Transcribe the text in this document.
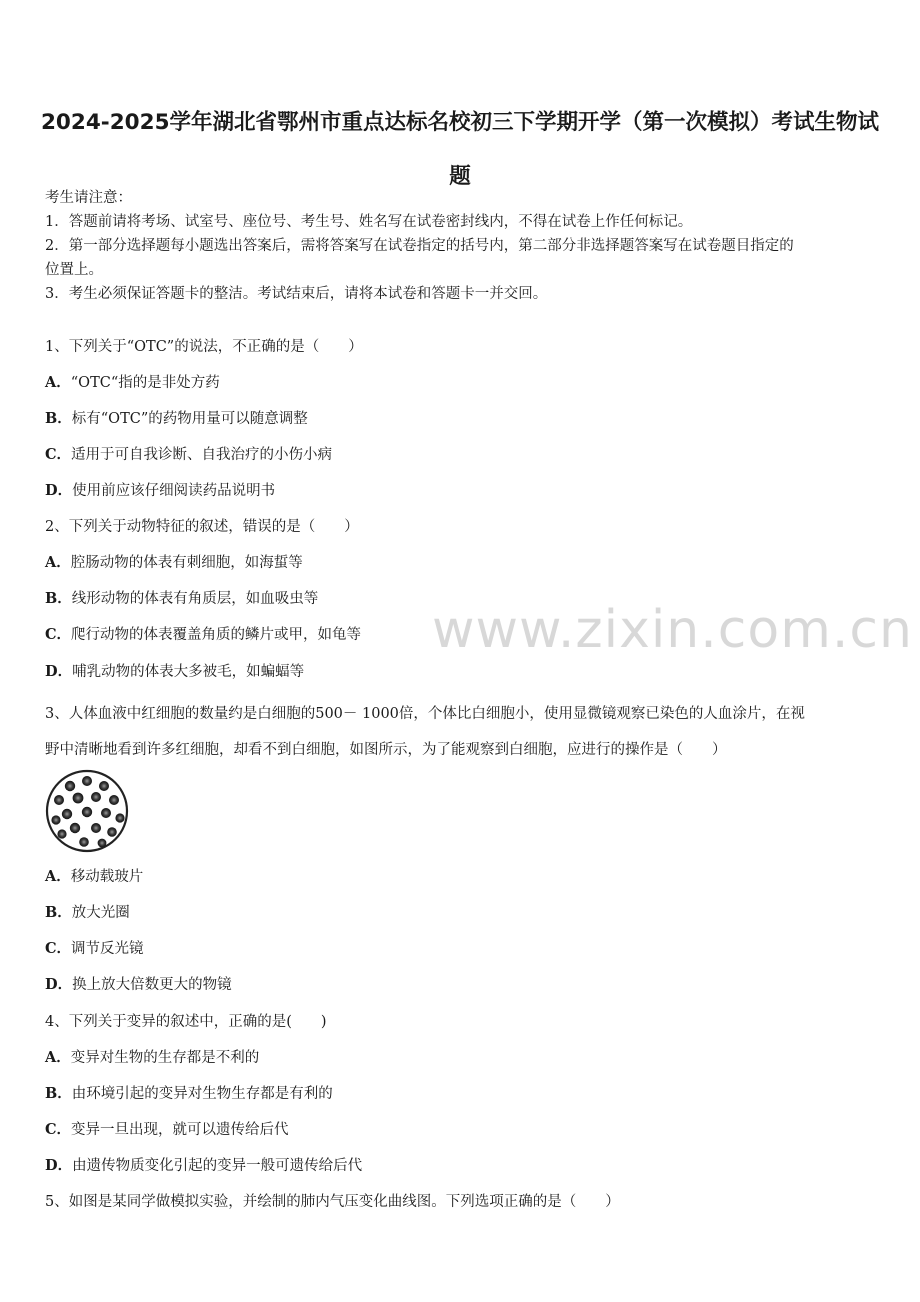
www.zixin.com.cn
2024-2025学年湖北省鄂州市重点达标名校初三下学期开学（第一次模拟）考试生物试
题
考生请注意：
1．答题前请将考场、试室号、座位号、考生号、姓名写在试卷密封线内，不得在试卷上作任何标记。
2．第一部分选择题每小题选出答案后，需将答案写在试卷指定的括号内，第二部分非选择题答案写在试卷题目指定的
位置上。
3．考生必须保证答题卡的整洁。考试结束后，请将本试卷和答题卡一并交回。
1、下列关于“OTC”的说法，不正确的是（　　）
A．“OTC“指的是非处方药
B．标有“OTC”的药物用量可以随意调整
C．适用于可自我诊断、自我治疗的小伤小病
D．使用前应该仔细阅读药品说明书
2、下列关于动物特征的叙述，错误的是（　　）
A．腔肠动物的体表有刺细胞，如海蜇等
B．线形动物的体表有角质层，如血吸虫等
C．爬行动物的体表覆盖角质的鳞片或甲，如龟等
D．哺乳动物的体表大多被毛，如蝙蝠等
3、人体血液中红细胞的数量约是白细胞的500－ 1000倍，个体比白细胞小，使用显微镜观察已染色的人血涂片，在视
野中清晰地看到许多红细胞，却看不到白细胞，如图所示，为了能观察到白细胞，应进行的操作是（　　）
A．移动载玻片
B．放大光圈
C．调节反光镜
D．换上放大倍数更大的物镜
4、下列关于变异的叙述中，正确的是(　　)
A．变异对生物的生存都是不利的
B．由环境引起的变异对生物生存都是有利的
C．变异一旦出现，就可以遗传给后代
D．由遗传物质变化引起的变异一般可遗传给后代
5、如图是某同学做模拟实验，并绘制的肺内气压变化曲线图。下列选项正确的是（　　）
